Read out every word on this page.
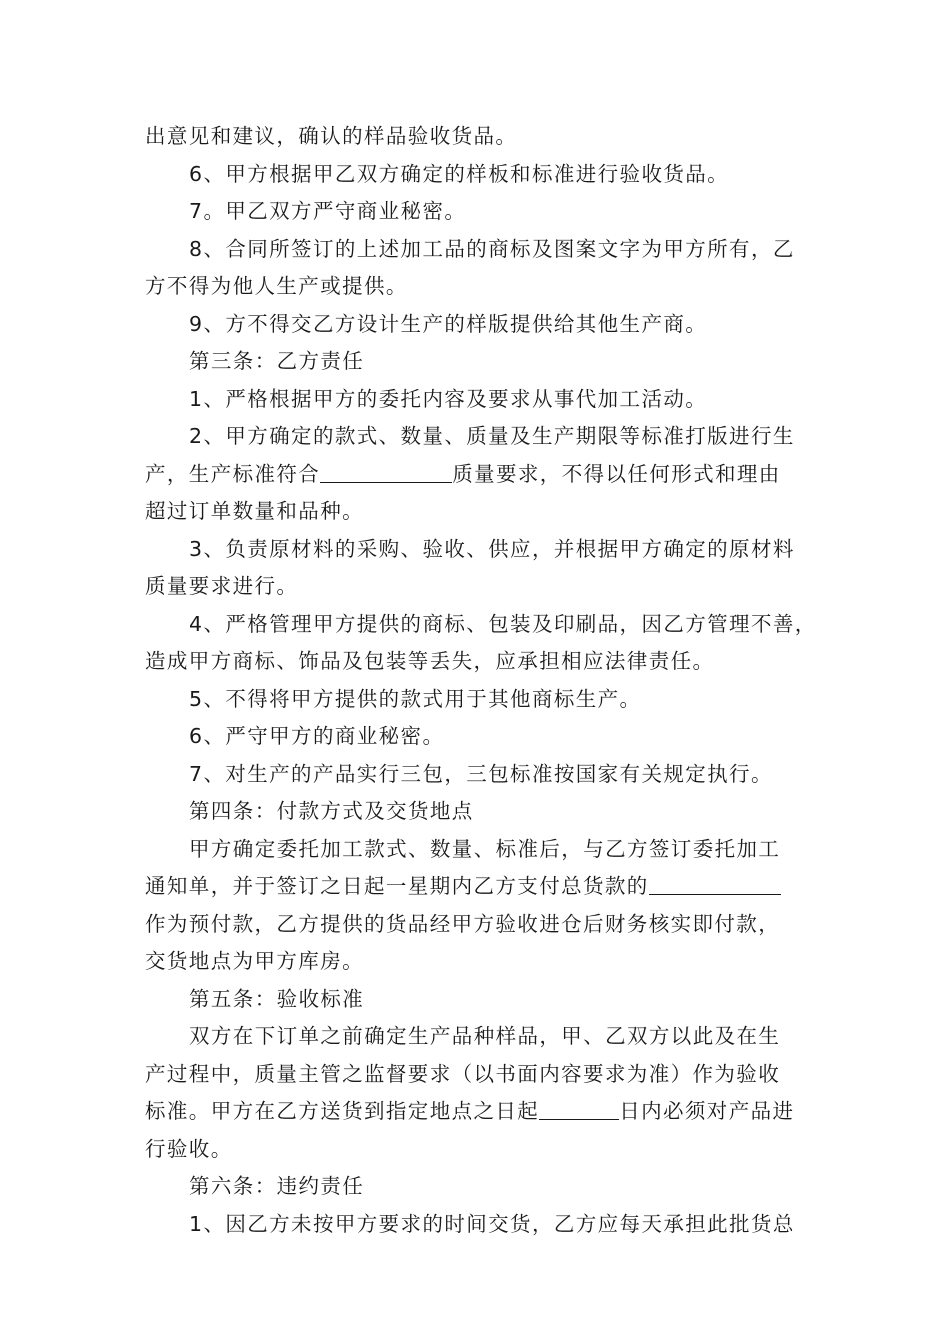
出意见和建议，确认的样品验收货品。
6、甲方根据甲乙双方确定的样板和标准进行验收货品。
7。甲乙双方严守商业秘密。
8、合同所签订的上述加工品的商标及图案文字为甲方所有，乙
方不得为他人生产或提供。
9、方不得交乙方设计生产的样版提供给其他生产商。
第三条：乙方责任
1、严格根据甲方的委托内容及要求从事代加工活动。
2、甲方确定的款式、数量、质量及生产期限等标准打版进行生
产，生产标准符合	质量要求，不得以任何形式和理由
超过订单数量和品种。
3、负责原材料的采购、验收、供应，并根据甲方确定的原材料
质量要求进行。
4、严格管理甲方提供的商标、包装及印刷品，因乙方管理不善，
造成甲方商标、饰品及包装等丢失，应承担相应法律责任。
5、不得将甲方提供的款式用于其他商标生产。
6、严守甲方的商业秘密。
7、对生产的产品实行三包，三包标准按国家有关规定执行。
第四条：付款方式及交货地点
甲方确定委托加工款式、数量、标准后，与乙方签订委托加工
通知单，并于签订之日起一星期内乙方支付总货款的
作为预付款，乙方提供的货品经甲方验收进仓后财务核实即付款，
交货地点为甲方库房。
第五条：验收标准
双方在下订单之前确定生产品种样品，甲、乙双方以此及在生
产过程中，质量主管之监督要求（以书面内容要求为准）作为验收
标准。甲方在乙方送货到指定地点之日起	日内必须对产品进
行验收。
第六条：违约责任
1、因乙方未按甲方要求的时间交货，乙方应每天承担此批货总
